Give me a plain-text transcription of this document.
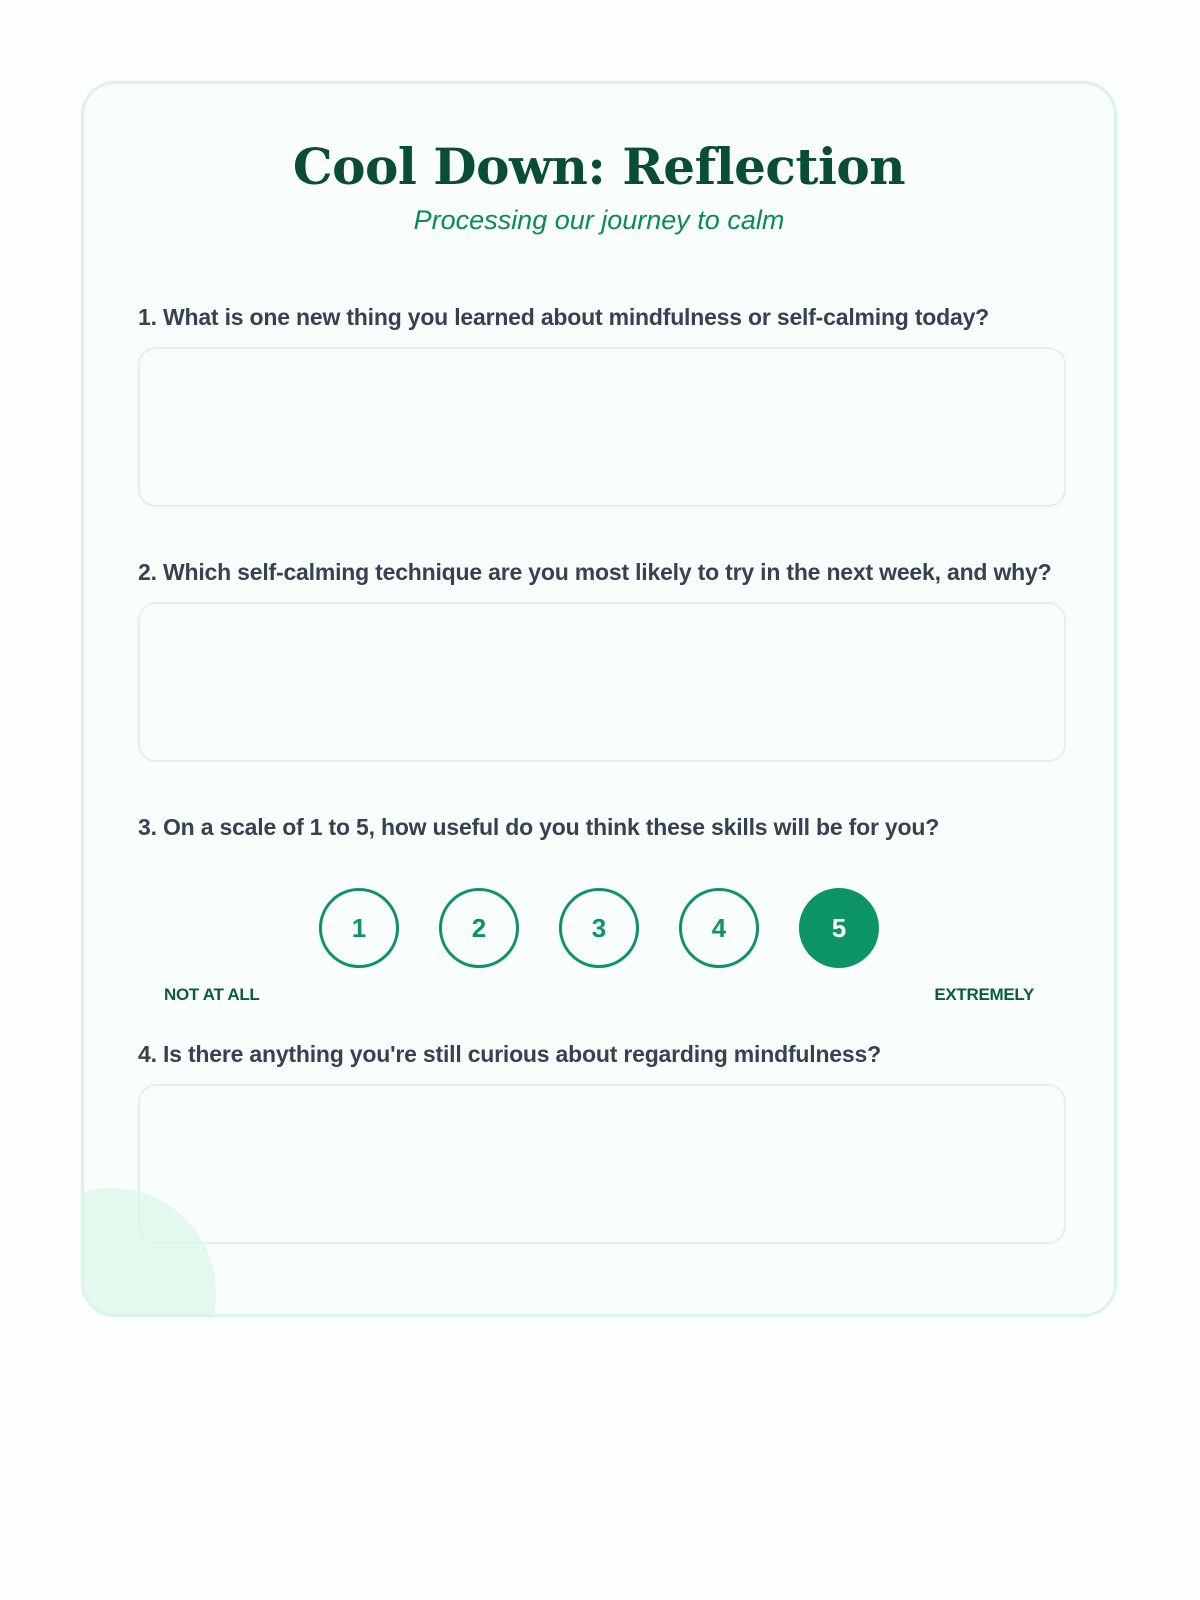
Cool Down: Reflection
Processing our journey to calm

1. What is one new thing you learned about mindfulness or self-calming today?

2. Which self-calming technique are you most likely to try in the next week, and why?

3. On a scale of 1 to 5, how useful do you think these skills will be for you?

1	2	3	4	5
NOT AT ALL	EXTREMELY

4. Is there anything you're still curious about regarding mindfulness?
